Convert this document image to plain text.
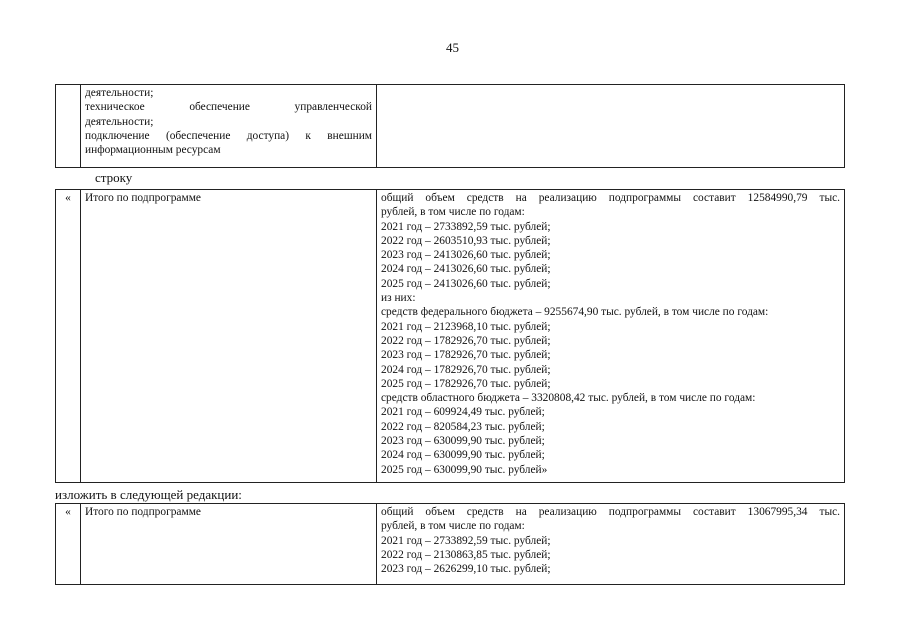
45

деятельности;
техническое обеспечение управленческой
деятельности;
подключение (обеспечение доступа) к внешним
информационным ресурсам

строку
«	Итого по подпрограмме	общий объем средств на реализацию подпрограммы составит 12584990,79 тыс.
рублей, в том числе по годам:
2021 год – 2733892,59 тыс. рублей;
2022 год – 2603510,93 тыс. рублей;
2023 год – 2413026,60 тыс. рублей;
2024 год – 2413026,60 тыс. рублей;
2025 год – 2413026,60 тыс. рублей;
из них:
средств федерального бюджета – 9255674,90 тыс. рублей, в том числе по годам:
2021 год – 2123968,10 тыс. рублей;
2022 год – 1782926,70 тыс. рублей;
2023 год – 1782926,70 тыс. рублей;
2024 год – 1782926,70 тыс. рублей;
2025 год – 1782926,70 тыс. рублей;
средств областного бюджета – 3320808,42 тыс. рублей, в том числе по годам:
2021 год – 609924,49 тыс. рублей;
2022 год – 820584,23 тыс. рублей;
2023 год – 630099,90 тыс. рублей;
2024 год – 630099,90 тыс. рублей;
2025 год – 630099,90 тыс. рублей»
изложить в следующей редакции:
«	Итого по подпрограмме	общий объем средств на реализацию подпрограммы составит 13067995,34 тыс.
рублей, в том числе по годам:
2021 год – 2733892,59 тыс. рублей;
2022 год – 2130863,85 тыс. рублей;
2023 год – 2626299,10 тыс. рублей;
